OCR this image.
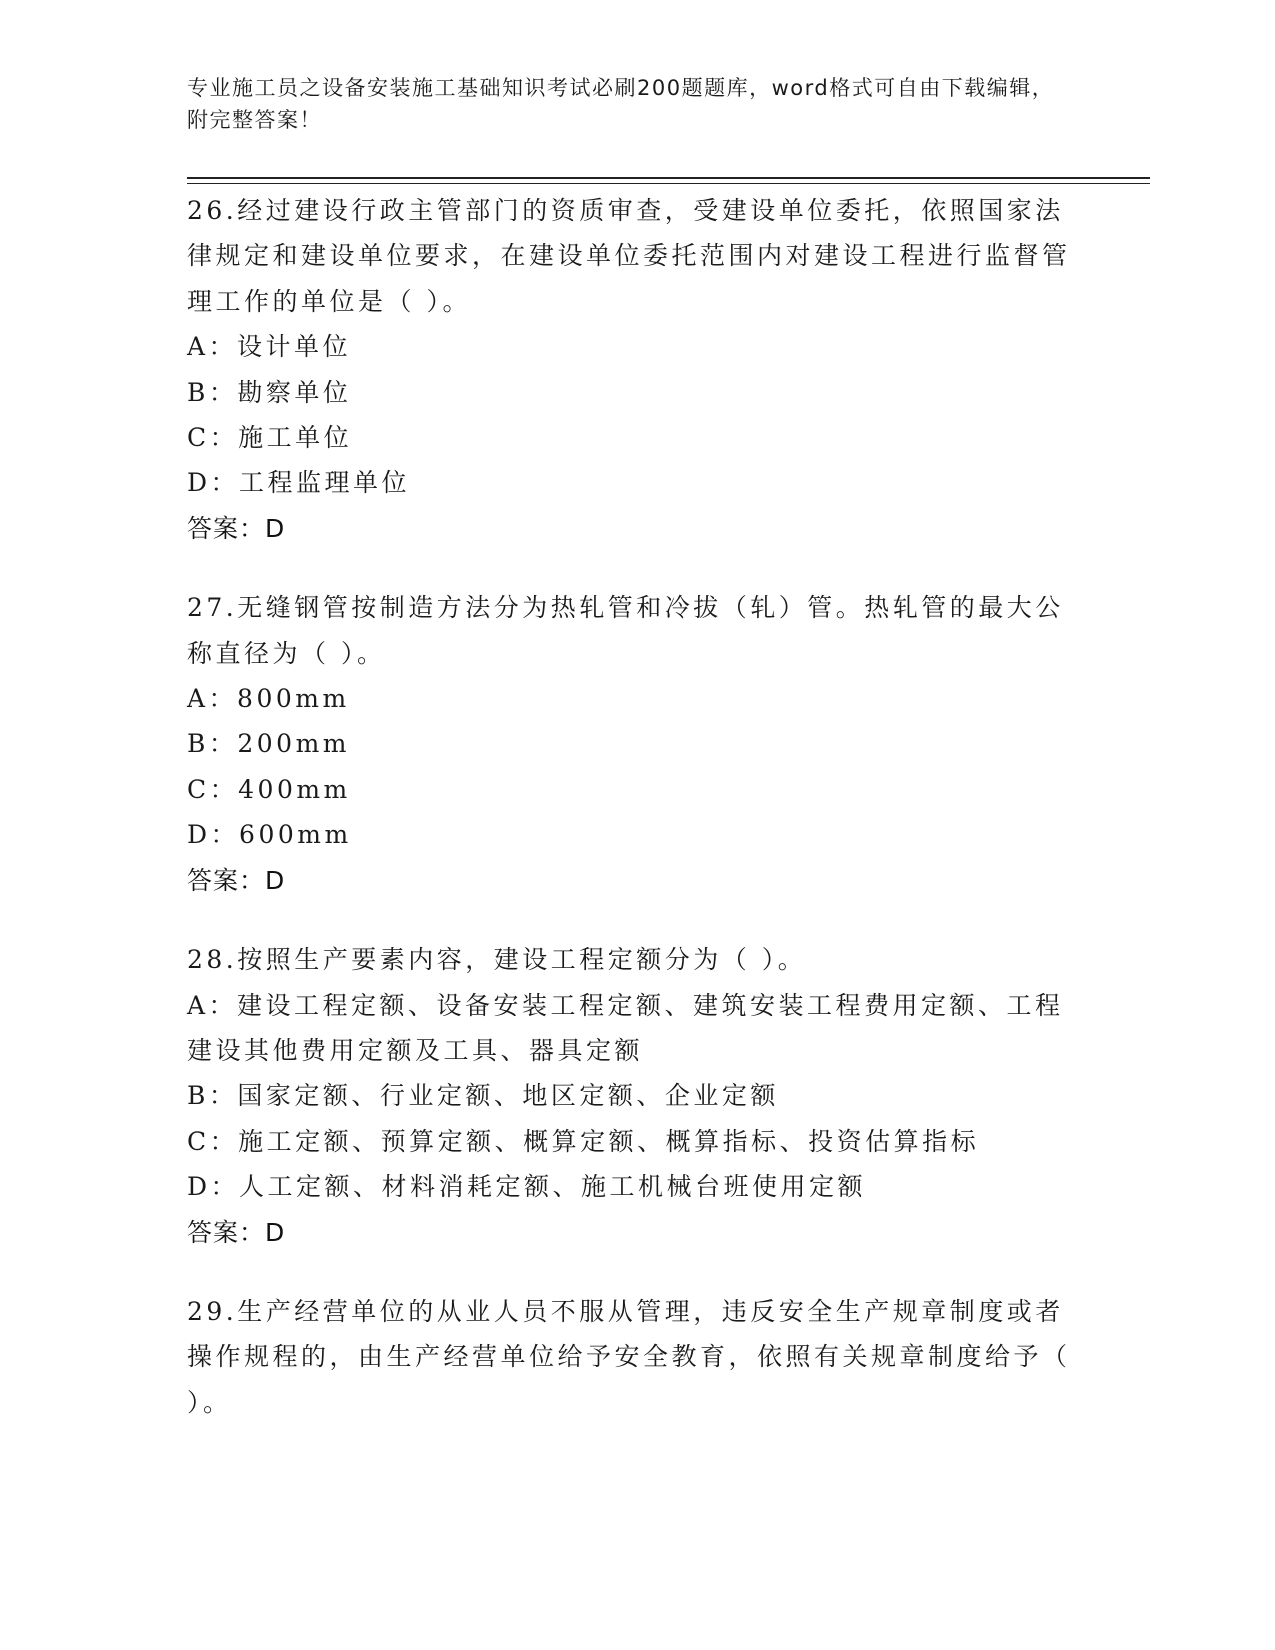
专业施工员之设备安装施工基础知识考试必刷200题题库，word格式可自由下载编辑，附完整答案！

26.经过建设行政主管部门的资质审查，受建设单位委托，依照国家法律规定和建设单位要求，在建设单位委托范围内对建设工程进行监督管理工作的单位是（ ）。

A：设计单位

B：勘察单位

C：施工单位

D：工程监理单位

答案：D

27.无缝钢管按制造方法分为热轧管和冷拔（轧）管。热轧管的最大公称直径为（ ）。

A：800mm

B：200mm

C：400mm

D：600mm

答案：D

28.按照生产要素内容，建设工程定额分为（ ）。

A：建设工程定额、设备安装工程定额、建筑安装工程费用定额、工程建设其他费用定额及工具、器具定额

B：国家定额、行业定额、地区定额、企业定额

C：施工定额、预算定额、概算定额、概算指标、投资估算指标

D：人工定额、材料消耗定额、施工机械台班使用定额

答案：D

29.生产经营单位的从业人员不服从管理，违反安全生产规章制度或者操作规程的，由生产经营单位给予安全教育，依照有关规章制度给予（ ）。
